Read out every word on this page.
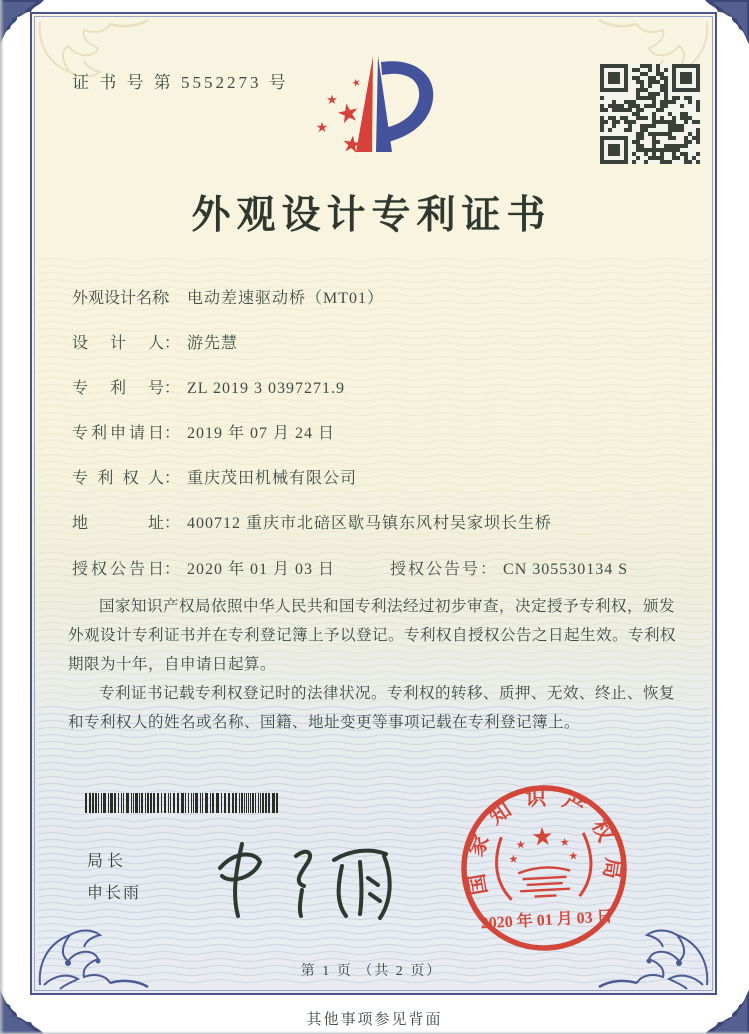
证 书 号 第 5552273 号
★
★
★
★
★
外观设计专利证书
外观设计名称： 电动差速驱动桥（MT01）
设计人： 游先慧
专利号： ZL 2019 3 0397271.9
专利申请日： 2019 年 07 月 24 日
专利权人： 重庆茂田机械有限公司
地址： 400712 重庆市北碚区歇马镇东风村吴家坝长生桥
授权公告日： 2020 年 01 月 03 日	授权公告号： CN 305530134 S

国家知识产权局依照中华人民共和国专利法经过初步审查，决定授予专利权，颁发外观设计专利证书并在专利登记簿上予以登记。专利权自授权公告之日起生效。专利权期限为十年，自申请日起算。

专利证书记载专利权登记时的法律状况。专利权的转移、质押、无效、终止、恢复和专利权人的姓名或名称、国籍、地址变更等事项记载在专利登记簿上。

局长
申长雨	国家知识产权局
★
★
★
★
★
2020 年 01 月 03 日
第 1 页 （共 2 页）
其他事项参见背面
